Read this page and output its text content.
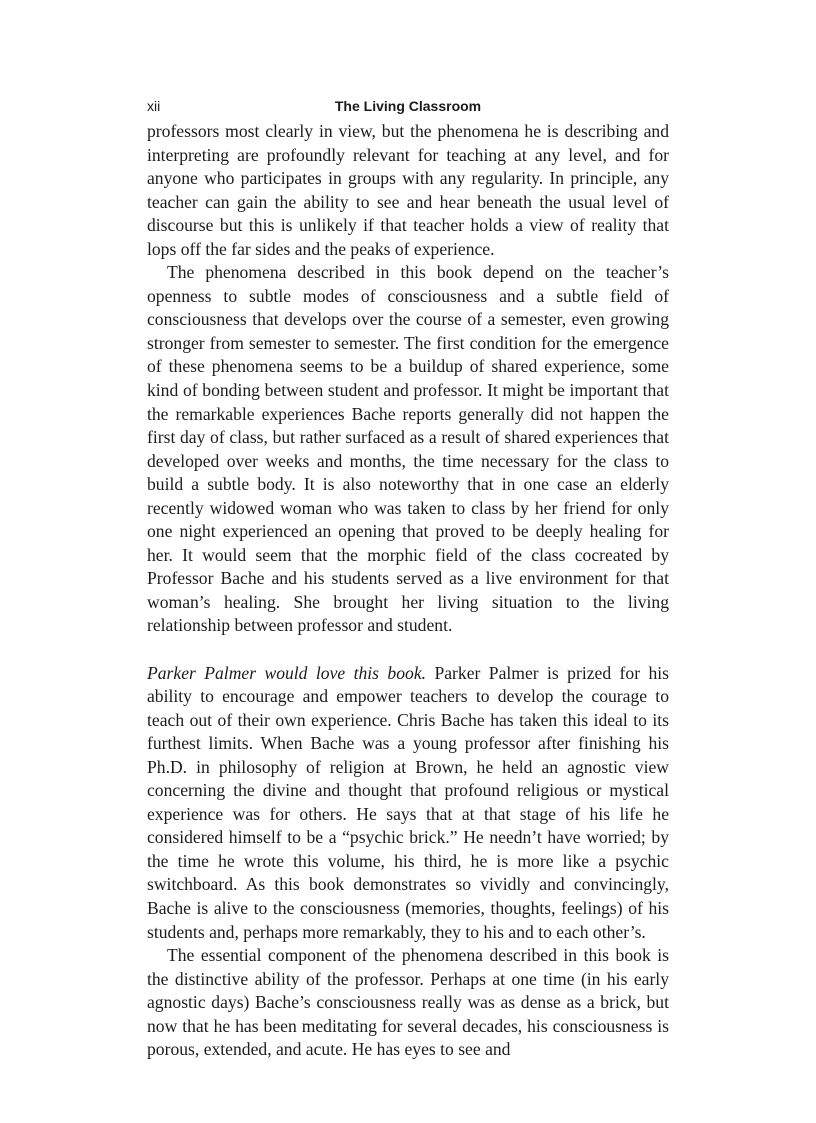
xii	The Living Classroom

professors most clearly in view, but the phenomena he is describing and interpreting are profoundly relevant for teaching at any level, and for anyone who participates in groups with any regularity. In principle, any teacher can gain the ability to see and hear beneath the usual level of discourse but this is unlikely if that teacher holds a view of reality that lops off the far sides and the peaks of experience.

The phenomena described in this book depend on the teacher’s openness to subtle modes of consciousness and a subtle field of consciousness that develops over the course of a semester, even growing stronger from semester to semester. The first condition for the emergence of these phenomena seems to be a buildup of shared experience, some kind of bonding between student and professor. It might be important that the remarkable experiences Bache reports generally did not happen the first day of class, but rather surfaced as a result of shared experiences that developed over weeks and months, the time necessary for the class to build a subtle body. It is also noteworthy that in one case an elderly recently widowed woman who was taken to class by her friend for only one night experienced an opening that proved to be deeply healing for her. It would seem that the morphic field of the class cocreated by Professor Bache and his students served as a live environment for that woman’s healing. She brought her living situation to the living relationship between professor and student.

Parker Palmer would love this book. Parker Palmer is prized for his ability to encourage and empower teachers to develop the courage to teach out of their own experience. Chris Bache has taken this ideal to its furthest limits. When Bache was a young professor after finishing his Ph.D. in philosophy of religion at Brown, he held an agnostic view concerning the divine and thought that profound religious or mystical experience was for others. He says that at that stage of his life he considered himself to be a “psychic brick.” He needn’t have worried; by the time he wrote this volume, his third, he is more like a psychic switchboard. As this book demonstrates so vividly and convincingly, Bache is alive to the consciousness (memories, thoughts, feelings) of his students and, perhaps more remarkably, they to his and to each other’s.

The essential component of the phenomena described in this book is the distinctive ability of the professor. Perhaps at one time (in his early agnostic days) Bache’s consciousness really was as dense as a brick, but now that he has been meditating for several decades, his consciousness is porous, extended, and acute. He has eyes to see and
